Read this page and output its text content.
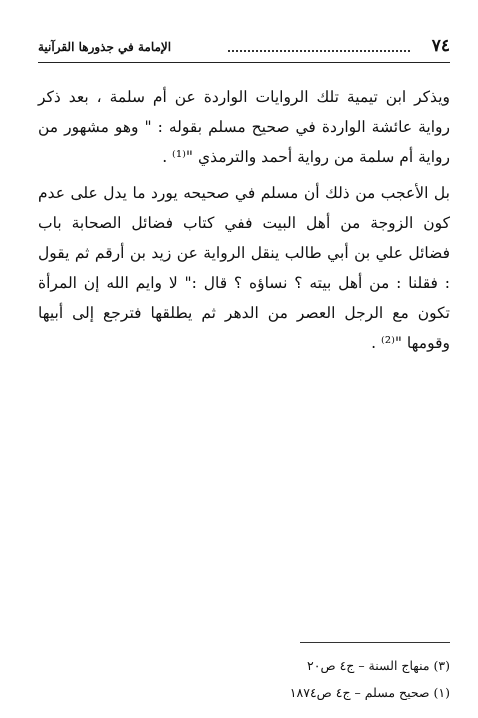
٧٤
الإمامة في جذورها القرآنية

ويذكر ابن تيمية تلك الروايات الواردة عن أم سلمة ، بعد ذكر رواية عائشة الواردة في صحيح مسلم بقوله : " وهو مشهور من رواية أم سلمة من رواية أحمد والترمذي "⁽¹⁾ .

بل الأعجب من ذلك أن مسلم في صحيحه يورد ما يدل على عدم كون الزوجة من أهل البيت ففي كتاب فضائل الصحابة باب فضائل علي بن أبي طالب ينقل الرواية عن زيد بن أرقم ثم يقول : فقلنا : من أهل بيته ؟ نساؤه ؟ قال :" لا وايم الله إن المرأة تكون مع الرجل العصر من الدهر ثم يطلقها فترجع إلى أبيها وقومها "⁽²⁾ .

(٣) منهاج السنة – ج٤ ص٢٠
(١) صحيح مسلم – ج٤ ص١٨٧٤
